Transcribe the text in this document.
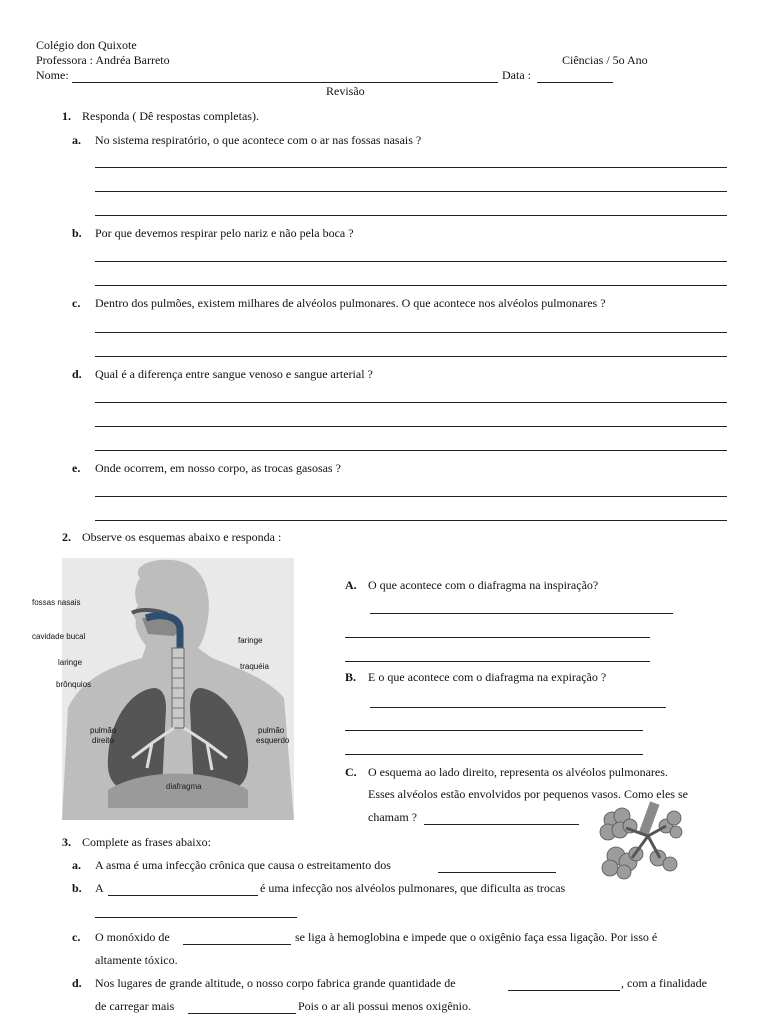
Colégio don Quixote
Professora : Andréa Barreto	Ciências / 5o Ano
Nome:	Data :
Revisão
1. Responda ( Dê respostas completas).
a. No sistema respiratório, o que acontece com o ar nas fossas nasais ?
b. Por que devemos respirar pelo nariz e não pela boca ?
c. Dentro dos pulmões, existem milhares de alvéolos pulmonares. O que acontece nos alvéolos pulmonares ?
d. Qual é a diferença entre sangue venoso e sangue arterial ?
e. Onde ocorrem, em nosso corpo, as trocas gasosas ?
2. Observe os esquemas abaixo e responda :
fossas nasais
cavidade bucal
laringe
brônquios
pulmão
direito
faringe
traquéia
pulmão
esquerdo
diafragma
A. O que acontece com o diafragma na inspiração?
B. E o que acontece com o diafragma na expiração ?
C. O esquema ao lado direito, representa os alvéolos pulmonares.
Esses alvéolos estão envolvidos por pequenos vasos. Como eles se
chamam ?
3. Complete as frases abaixo:
a. A asma é uma infecção crônica que causa o estreitamento dos
b. A	é uma infecção nos alvéolos pulmonares, que dificulta as trocas
c. O monóxido de	se liga à hemoglobina e impede que o oxigênio faça essa ligação. Por isso é
altamente tóxico.
d. Nos lugares de grande altitude, o nosso corpo fabrica grande quantidade de	, com a finalidade
de carregar mais	Pois o ar ali possui menos oxigênio.
